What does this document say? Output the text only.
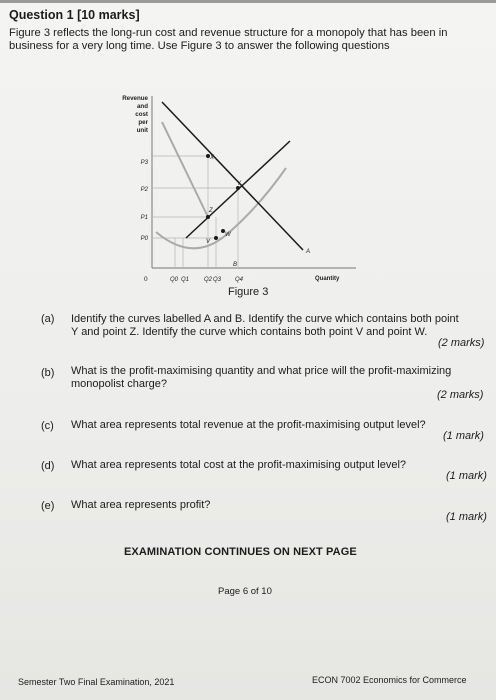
Question 1 [10 marks]
Figure 3 reflects the long-run cost and revenue structure for a monopoly that has been in
business for a very long time. Use Figure 3 to answer the following questions
Revenue
and
cost
per
unit
X
Y
Z
V
W
A
B
P3
P2
P1
P0
Q0 Q1 Q2 Q3 Q4
0	Quantity
Figure 3
(a) Identify the curves labelled A and B. Identify the curve which contains both point
Y and point Z. Identify the curve which contains both point V and point W.
(2 marks)
(b) What is the profit-maximising quantity and what price will the profit-maximizing
monopolist charge?
(2 marks)
(c) What area represents total revenue at the profit-maximising output level?
(1 mark)
(d) What area represents total cost at the profit-maximising output level?
(1 mark)
(e) What area represents profit?
(1 mark)
EXAMINATION CONTINUES ON NEXT PAGE
Page 6 of 10
Semester Two Final Examination, 2021	ECON 7002 Economics for Commerce
